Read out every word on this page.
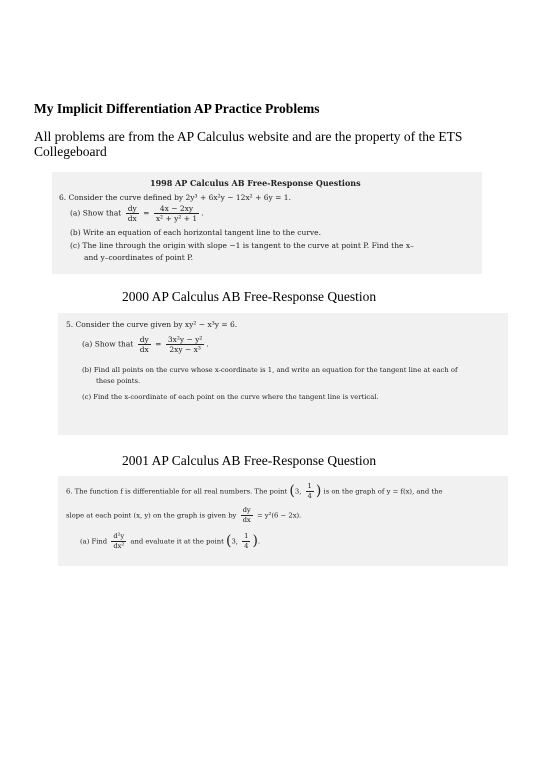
My Implicit Differentiation AP Practice Problems
All problems are from the AP Calculus website and are the property of the ETS
Collegeboard
1998 AP Calculus AB Free-Response Questions
6. Consider the curve defined by 2y³ + 6x²y − 12x² + 6y = 1.
(a) Show that $\frac{dy}{dx} = \frac{4x - 2xy}{\text{x² + y² + 1}}$ .
(b) Write an equation of each horizontal tangent line to the curve.
(c) The line through the origin with slope −1 is tangent to the curve at point P. Find the x–
and y–coordinates of point P.
2000 AP Calculus AB Free-Response Question
5. Consider the curve given by xy² − x³y = 6.
(a) Show that $\frac{dy}{dx} = \frac{\text{3x²y − y²}}{\text{2xy − x³}}$ .
(b) Find all points on the curve whose x-coordinate is 1, and write an equation for the tangent line at each of
these points.
(c) Find the x-coordinate of each point on the curve where the tangent line is vertical.
2001 AP Calculus AB Free-Response Question
6. The function f is differentiable for all real numbers. The point (3, $\frac{1}{4}$ ) is on the graph of y = f(x), and the
slope at each point (x, y) on the graph is given by $\frac{dy}{dx} = y^2(6 - 2x)$.
(a) Find $\frac{\text{d²y}}{\text{dx²}}$ and evaluate it at the point (3, $\frac{1}{4}$ ).
